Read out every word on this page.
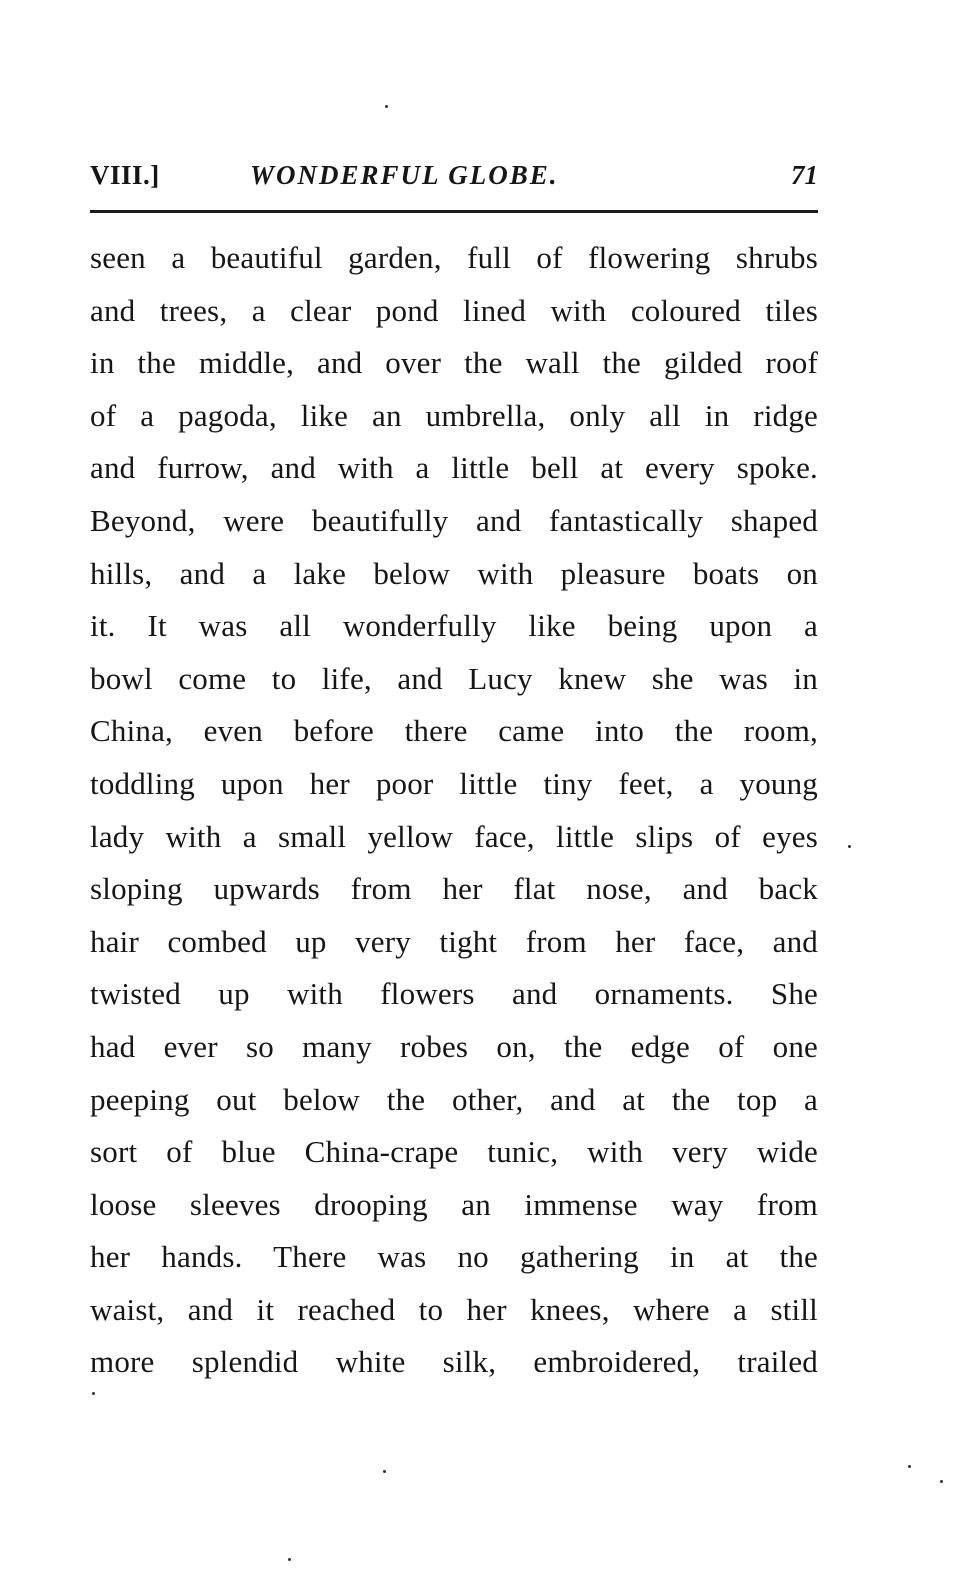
VIII.]	WONDERFUL GLOBE.	71
seen a beautiful garden, full of flowering shrubs
and trees, a clear pond lined with coloured tiles
in the middle, and over the wall the gilded roof
of a pagoda, like an umbrella, only all in ridge
and furrow, and with a little bell at every spoke.
Beyond, were beautifully and fantastically shaped
hills, and a lake below with pleasure boats on
it. It was all wonderfully like being upon a
bowl come to life, and Lucy knew she was in
China, even before there came into the room,
toddling upon her poor little tiny feet, a young
lady with a small yellow face, little slips of eyes
sloping upwards from her flat nose, and back
hair combed up very tight from her face, and
twisted up with flowers and ornaments. She
had ever so many robes on, the edge of one
peeping out below the other, and at the top a
sort of blue China-crape tunic, with very wide
loose sleeves drooping an immense way from
her hands. There was no gathering in at the
waist, and it reached to her knees, where a still
more splendid white silk, embroidered, trailed
